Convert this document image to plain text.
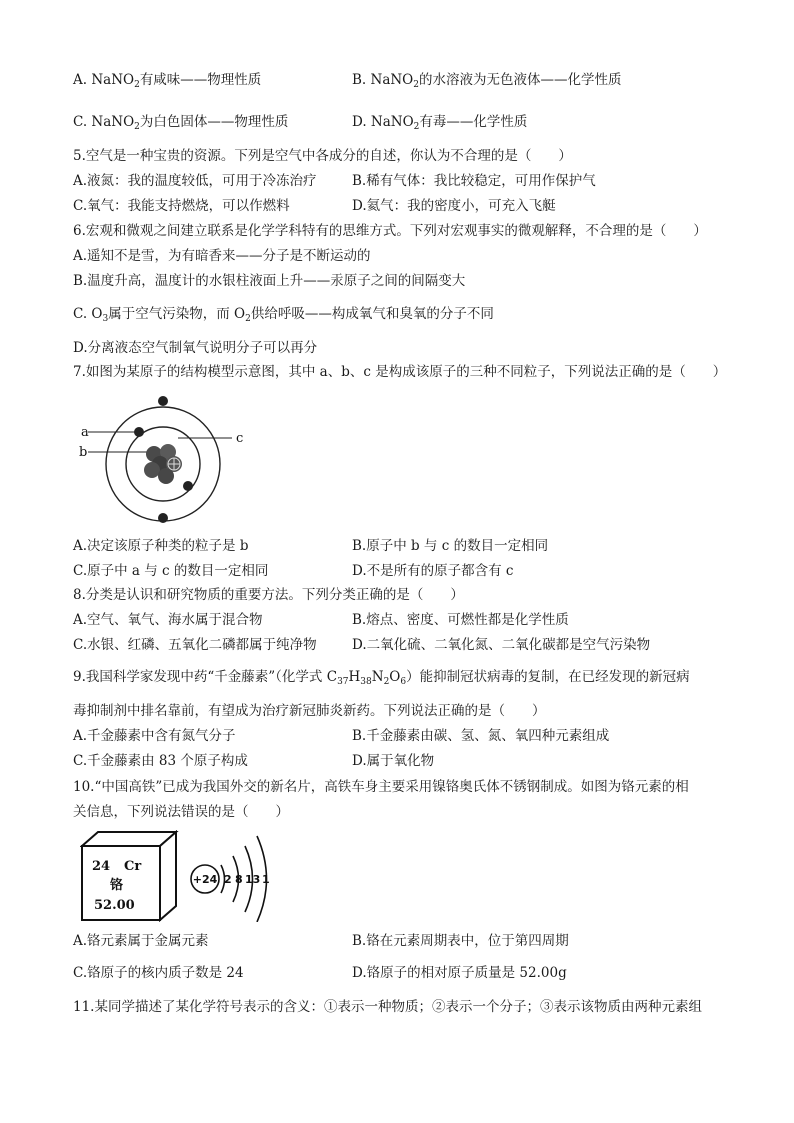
A. NaNO$_2$有咸味——物理性质	B. NaNO$_2$的水溶液为无色液体——化学性质
C. NaNO$_2$为白色固体——物理性质	D. NaNO$_2$有毒——化学性质
5.空气是一种宝贵的资源。下列是空气中各成分的自述，你认为不合理的是（　　）
A.液氮：我的温度较低，可用于冷冻治疗	B.稀有气体：我比较稳定，可用作保护气
C.氧气：我能支持燃烧，可以作燃料	D.氦气：我的密度小，可充入飞艇
6.宏观和微观之间建立联系是化学学科特有的思维方式。下列对宏观事实的微观解释，不合理的是（　　）
A.遥知不是雪，为有暗香来——分子是不断运动的
B.温度升高，温度计的水银柱液面上升——汞原子之间的间隔变大
C. $O_3$属于空气污染物，而 $O_2$供给呼吸——构成氧气和臭氧的分子不同
D.分离液态空气制氧气说明分子可以再分
7.如图为某原子的结构模型示意图，其中 a、b、c 是构成该原子的三种不同粒子，下列说法正确的是（　　）
a
b
c
A.决定该原子种类的粒子是 b	B.原子中 b 与 c 的数目一定相同
C.原子中 a 与 c 的数目一定相同	D.不是所有的原子都含有 c
8.分类是认识和研究物质的重要方法。下列分类正确的是（　　）
A.空气、氧气、海水属于混合物	B.熔点、密度、可燃性都是化学性质
C.水银、红磷、五氧化二磷都属于纯净物	D.二氧化硫、二氧化氮、二氧化碳都是空气污染物
9.我国科学家发现中药“千金藤素”（化学式 $C_{37}H_{38}N_2O_6$）能抑制冠状病毒的复制，在已经发现的新冠病
毒抑制剂中排名靠前，有望成为治疗新冠肺炎新药。下列说法正确的是（　　）
A.千金藤素中含有氮气分子	B.千金藤素由碳、氢、氮、氧四种元素组成
C.千金藤素由 83 个原子构成	D.属于氧化物
10.“中国高铁”已成为我国外交的新名片，高铁车身主要采用镍铬奥氏体不锈钢制成。如图为铬元素的相
关信息，下列说法错误的是（　　）
24 Cr
铬
52.00
+24 2 8 13 1
A.铬元素属于金属元素	B.铬在元素周期表中，位于第四周期
C.铬原子的核内质子数是 24	D.铬原子的相对原子质量是 52.00g
11.某同学描述了某化学符号表示的含义：①表示一种物质；②表示一个分子；③表示该物质由两种元素组
